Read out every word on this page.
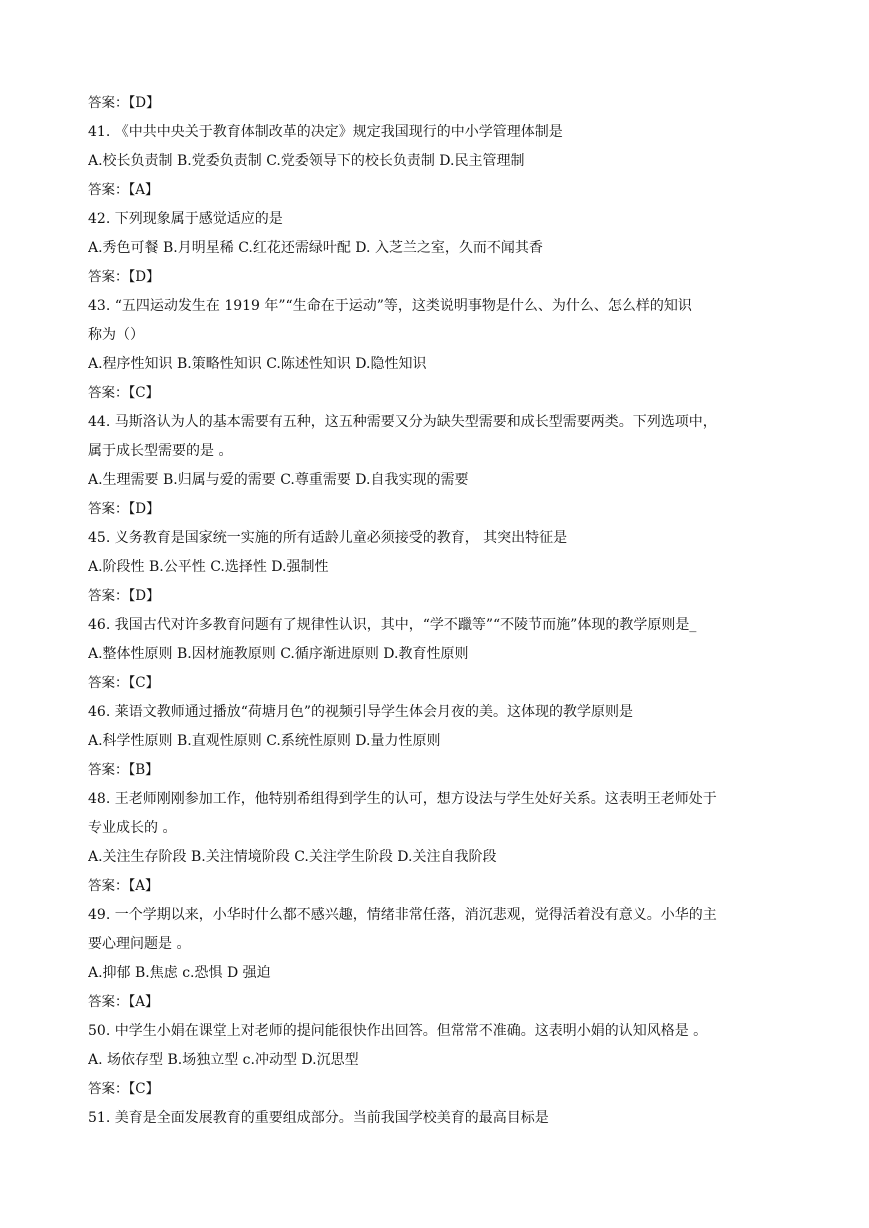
答案：【D】
41. 《中共中央关于教育体制改革的决定》规定我国现行的中小学管理体制是
A.校长负责制 B.党委负责制 C.党委领导下的校长负责制 D.民主管理制
答案：【A】
42. 下列现象属于感觉适应的是
A.秀色可餐 B.月明星稀 C.红花还需绿叶配 D. 入芝兰之室，久而不闻其香
答案：【D】
43. “五四运动发生在 1919 年”“生命在于运动”等，这类说明事物是什么、为什么、怎么样的知识
称为（）
A.程序性知识 B.策略性知识 C.陈述性知识 D.隐性知识
答案：【C】
44. 马斯洛认为人的基本需要有五种，这五种需要又分为缺失型需要和成长型需要两类。下列选项中，
属于成长型需要的是 。
A.生理需要 B.归属与爱的需要 C.尊重需要 D.自我实现的需要
答案：【D】
45. 义务教育是国家统一实施的所有适龄儿童必须接受的教育， 其突出特征是
A.阶段性 B.公平性 C.选择性 D.强制性
答案：【D】
46. 我国古代对许多教育问题有了规律性认识，其中，“学不躐等”“不陵节而施”体现的教学原则是_
A.整体性原则 B.因材施教原则 C.循序渐进原则 D.教育性原则
答案：【C】
46. 莱语文教师通过播放“荷塘月色”的视频引导学生体会月夜的美。这体现的教学原则是
A.科学性原则 B.直观性原则 C.系统性原则 D.量力性原则
答案：【B】
48. 王老师刚刚参加工作，他特别希组得到学生的认可，想方设法与学生处好关系。这表明王老师处于
专业成长的 。
A.关注生存阶段 B.关注情境阶段 C.关注学生阶段 D.关注自我阶段
答案：【A】
49. 一个学期以来，小华时什么都不感兴趣，情绪非常任落，消沉悲观，觉得活着没有意义。小华的主
要心理问题是 。
A.抑郁 B.焦虑 c.恐惧 D 强迫
答案：【A】
50. 中学生小娟在课堂上对老师的提问能很快作出回答。但常常不准确。这表明小娟的认知风格是 。
A. 场依存型 B.场独立型 c.冲动型 D.沉思型
答案：【C】
51. 美育是全面发展教育的重要组成部分。当前我国学校美育的最高目标是
